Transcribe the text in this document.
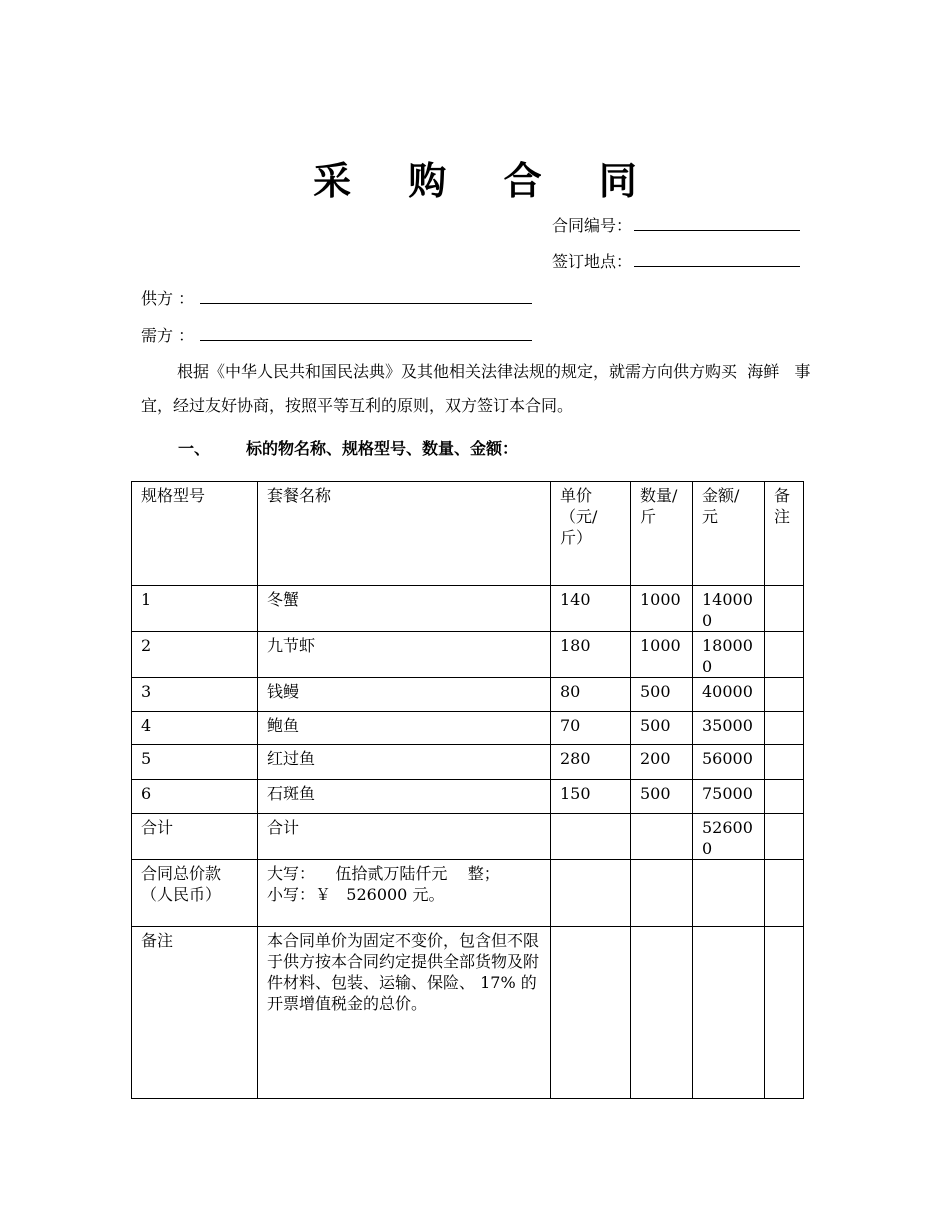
采 购 合 同
合同编号：
签订地点：
供方 ：
需方 ：
根据《中华人民共和国民法典》及其他相关法律法规的规定，就需方向供方购买 海鲜 事宜，经过友好协商，按照平等互利的原则，双方签订本合同。
一、 标的物名称、规格型号、数量、金额：
规格型号	套餐名称	单价（元/斤）	数量/斤	金额/元	备注
1	冬蟹	140	1000	140000	
2	九节虾	180	1000	180000	
3	钱鳗	80	500	40000	
4	鲍鱼	70	500	35000	
5	红过鱼	280	200	56000	
6	石斑鱼	150	500	75000	
合计	合计			526000	
合同总价款（人民币）	大写： 伍拾贰万陆仟元 整；
小写：￥ 526000 元。				
备注	本合同单价为固定不变价，包含但不限于供方按本合同约定提供全部货物及附件材料、包装、运输、保险、 17% 的开票增值税金的总价。				
